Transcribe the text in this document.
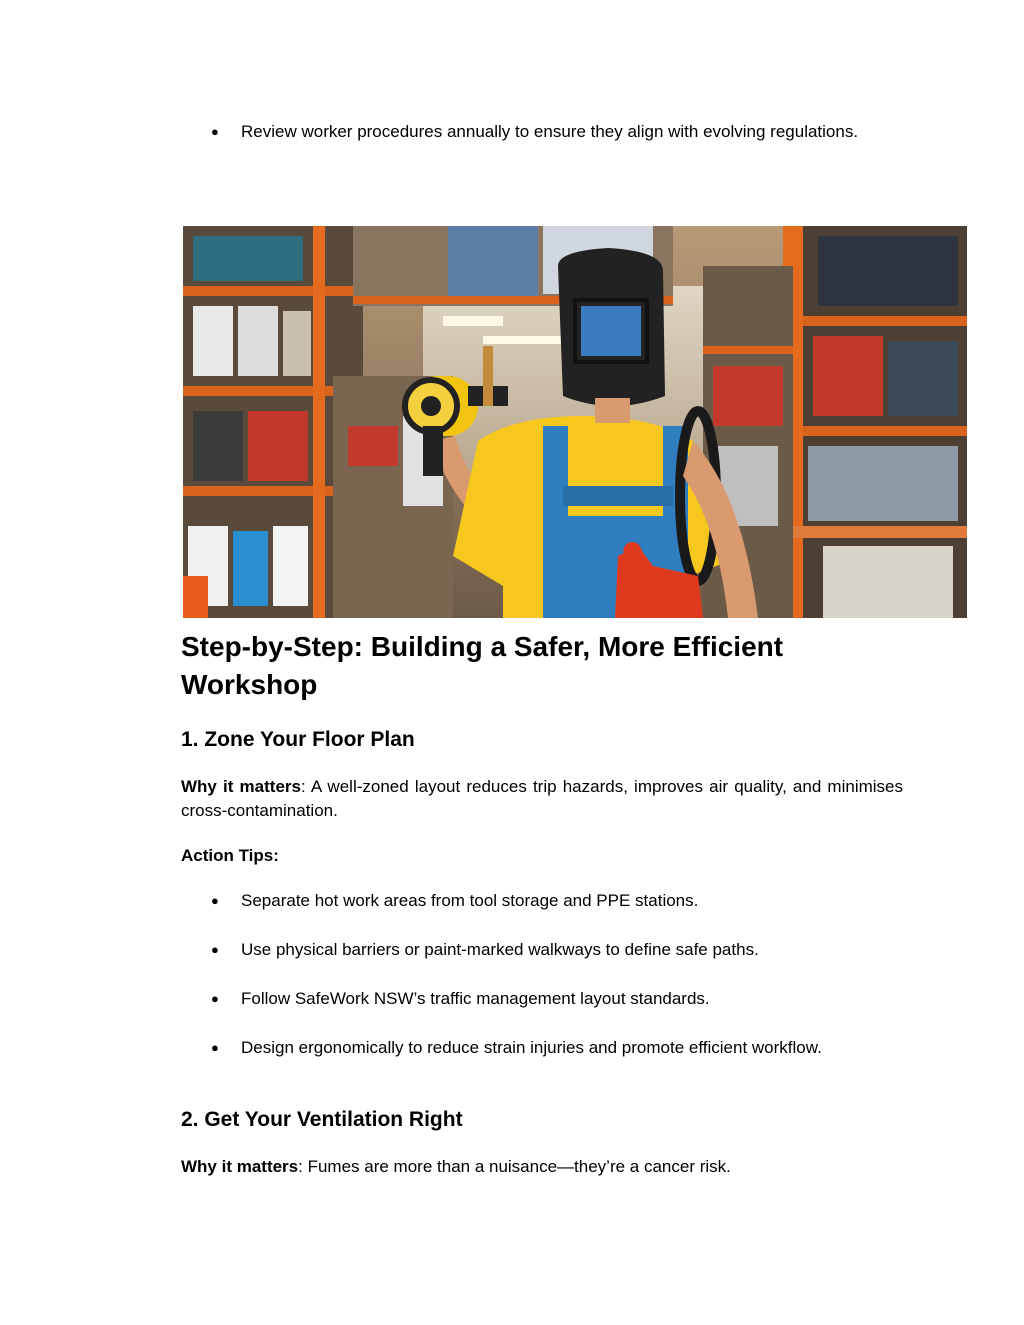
● Review worker procedures annually to ensure they align with evolving regulations.
Step-by-Step: Building a Safer, More Efficient Workshop
1. Zone Your Floor Plan
Why it matters: A well-zoned layout reduces trip hazards, improves air quality, and minimises cross-contamination.
Action Tips:
● Separate hot work areas from tool storage and PPE stations.
● Use physical barriers or paint-marked walkways to define safe paths.
● Follow SafeWork NSW’s traffic management layout standards.
● Design ergonomically to reduce strain injuries and promote efficient workflow.
2. Get Your Ventilation Right
Why it matters: Fumes are more than a nuisance—they’re a cancer risk.
